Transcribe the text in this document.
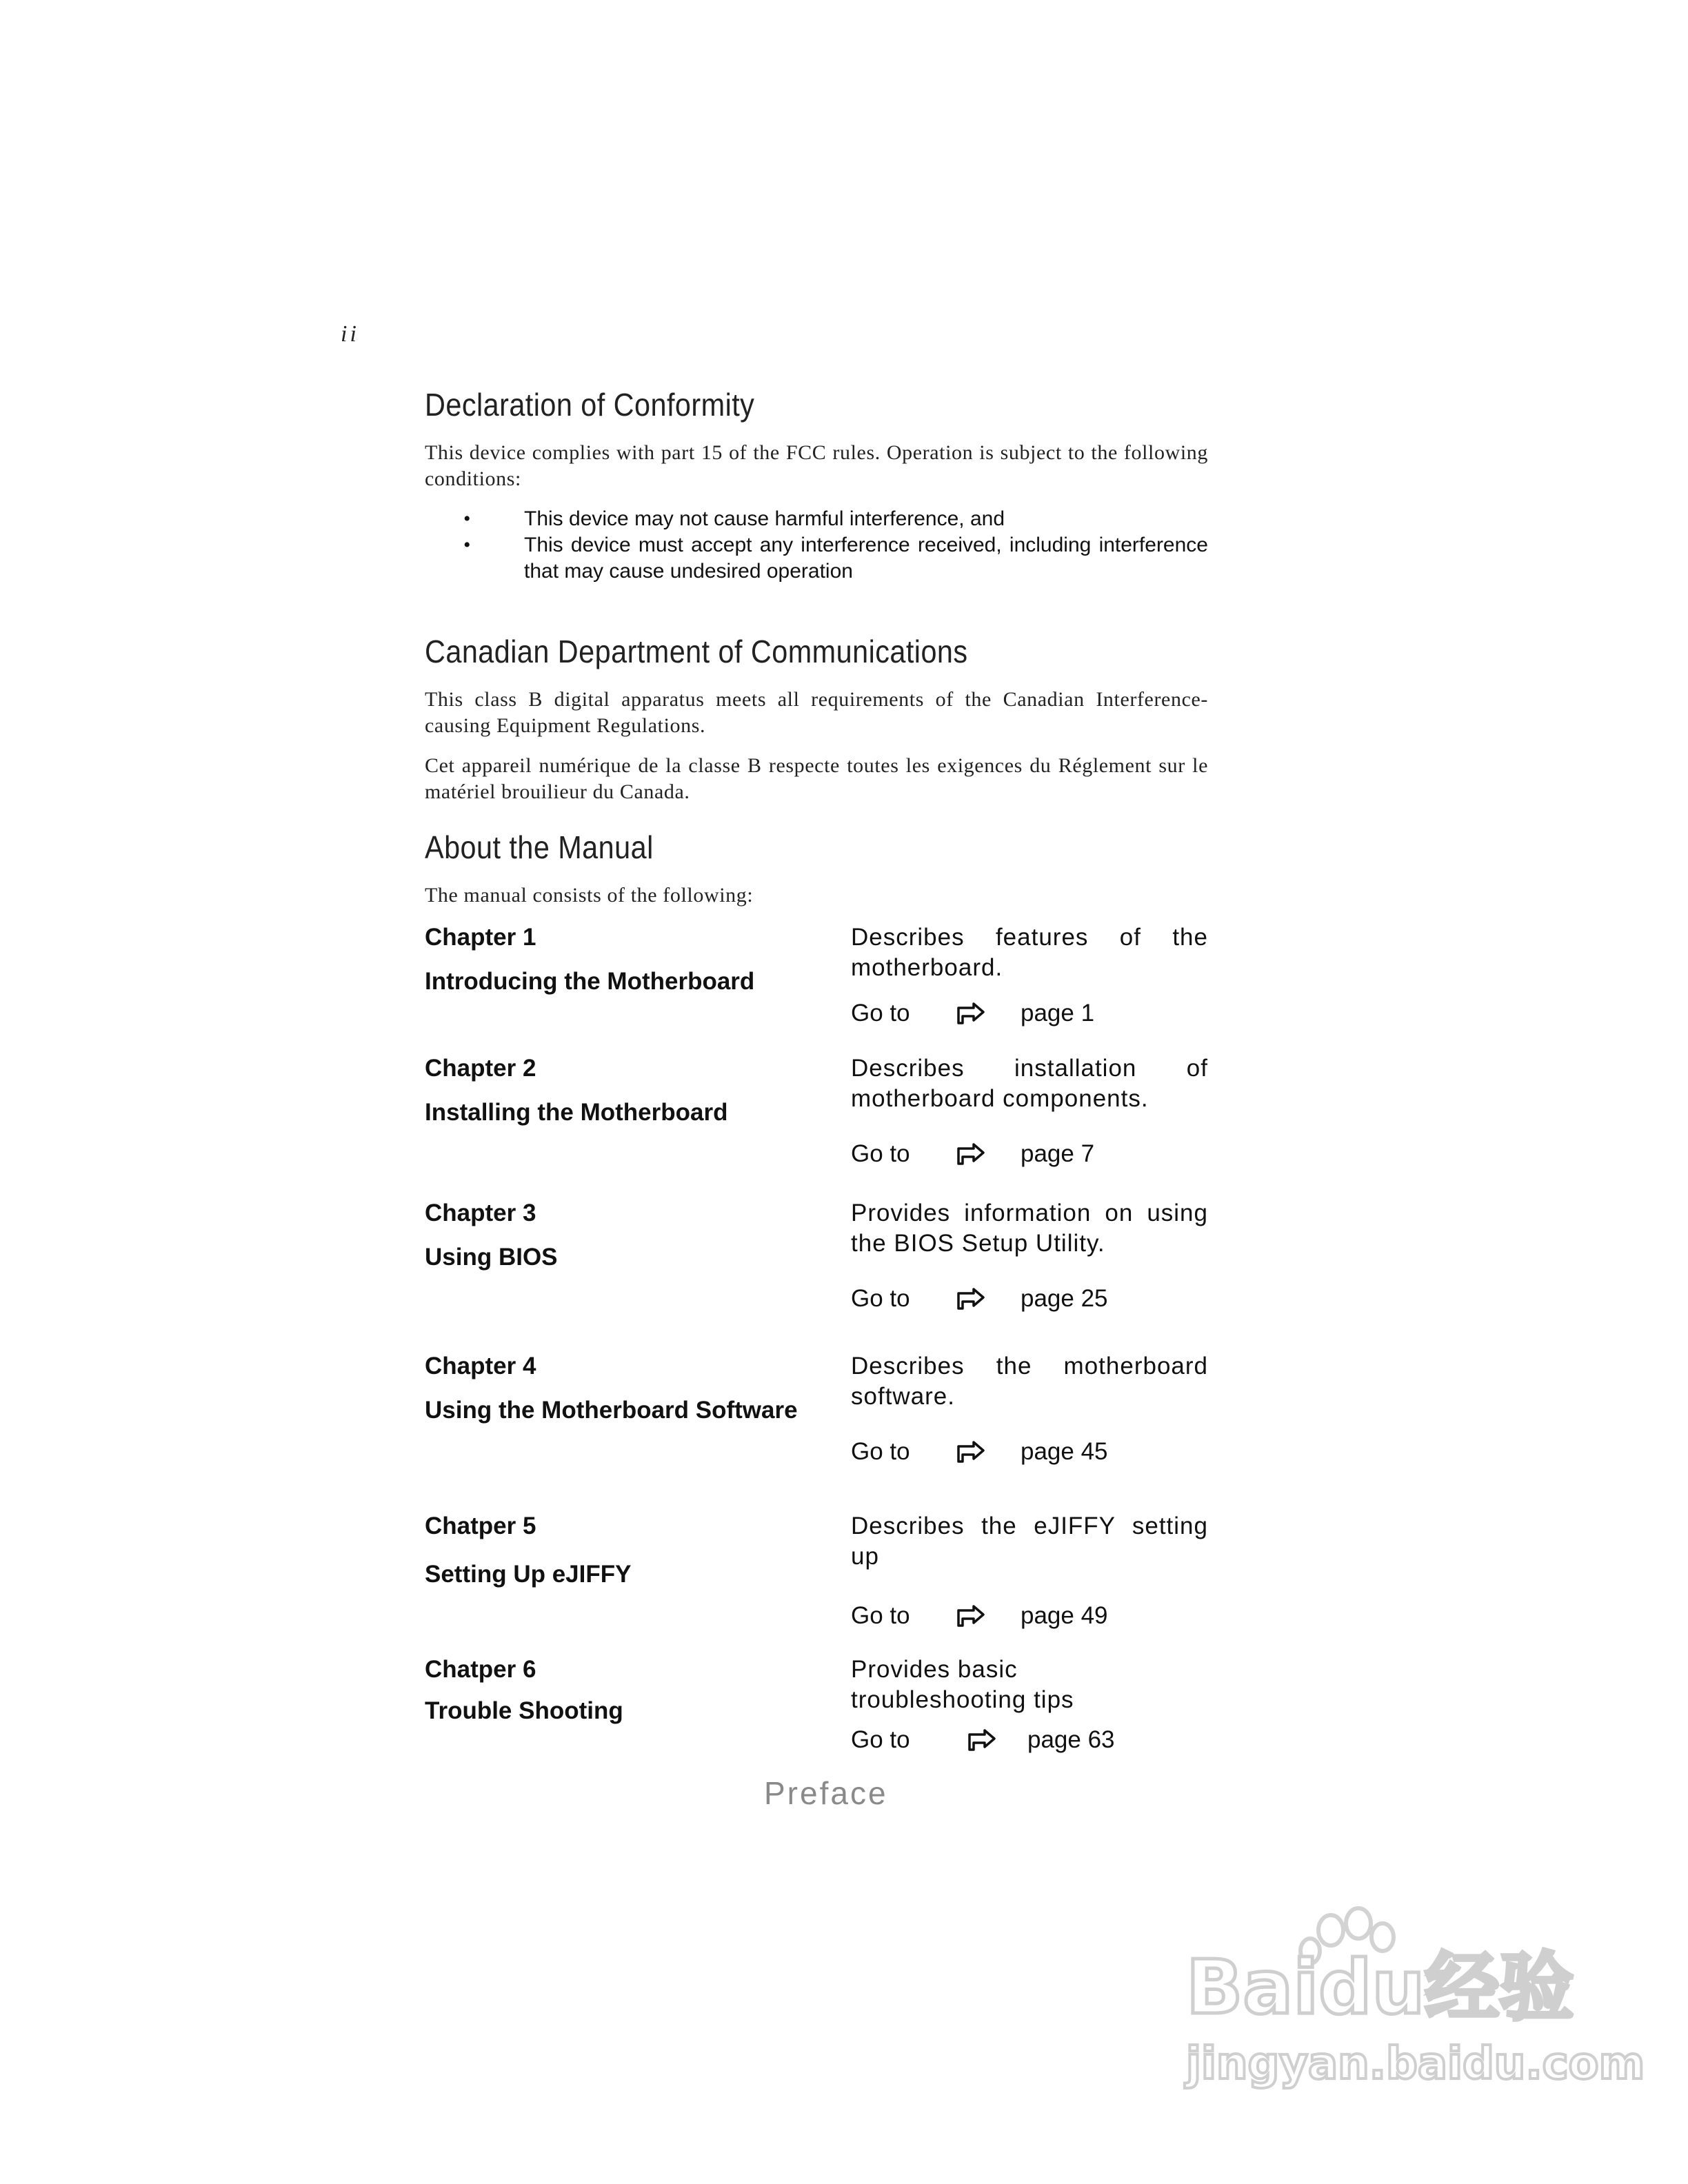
ii
Declaration of Conformity

This device complies with part 15 of the FCC rules. Operation is subject to the following conditions:

•	This device may not cause harmful interference, and
•	This device must accept any interference received, including interference that may cause undesired operation
Canadian Department of Communications

This class B digital apparatus meets all requirements of the Canadian Interference-causing Equipment Regulations.

Cet appareil numérique de la classe B respecte toutes les exigences du Réglement sur le matériel brouilieur du Canada.

About the Manual

The manual consists of the following:

Chapter 1
Introducing the Motherboard
Describes features of the motherboard.
Go to	page 1
Chapter 2
Installing the Motherboard
Describes installation of motherboard components.
Go to	page 7
Chapter 3
Using BIOS
Provides information on using the BIOS Setup Utility.
Go to	page 25
Chapter 4
Using the Motherboard Software
Describes the motherboard software.
Go to	page 45
Chatper 5
Setting Up eJIFFY
Describes the eJIFFY setting up
Go to	page 49
Chatper 6
Trouble Shooting
Provides basic troubleshooting tips
Go to	page 63
Preface
Baidu经验
jingyan.baidu.com
